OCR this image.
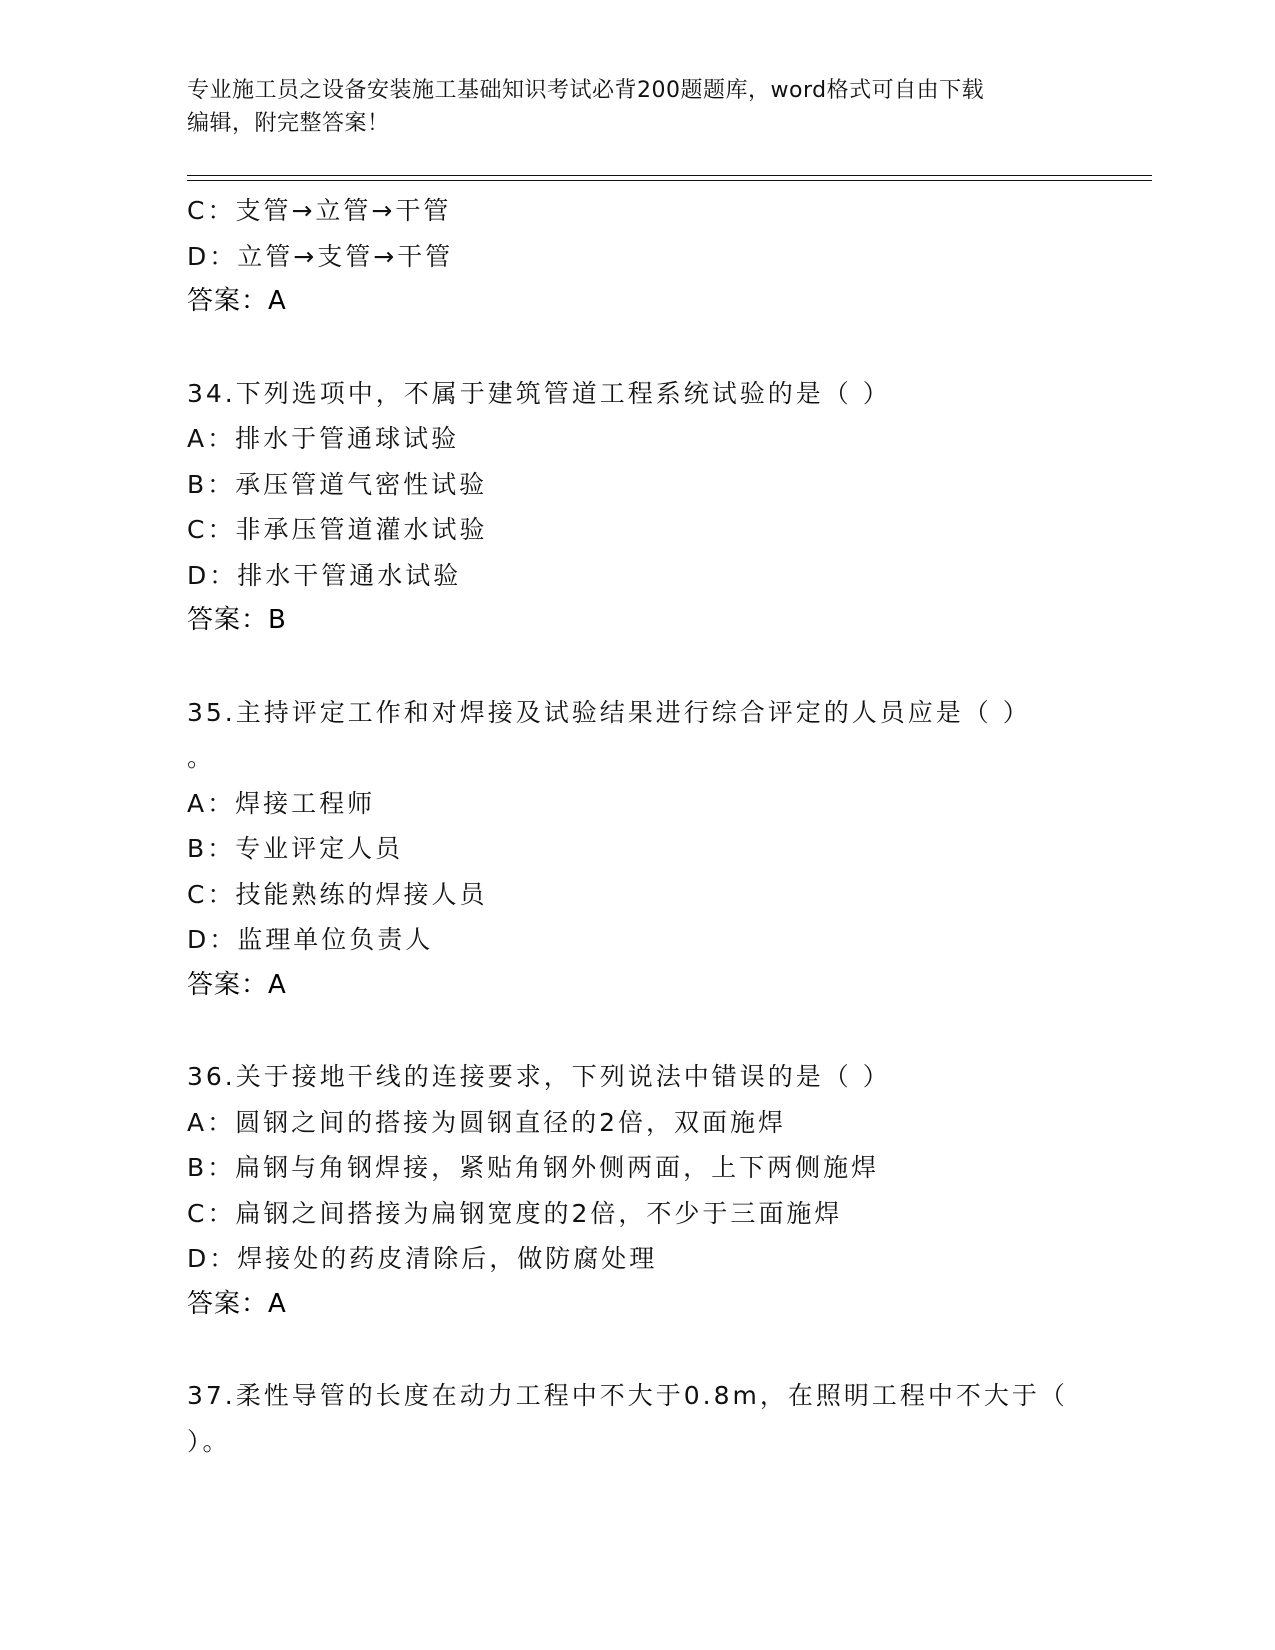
专业施工员之设备安装施工基础知识考试必背200题题库，word格式可自由下载
编辑，附完整答案！
C：支管→立管→干管
D：立管→支管→干管
答案：A
34.下列选项中，不属于建筑管道工程系统试验的是（ ）
A：排水于管通球试验
B：承压管道气密性试验
C：非承压管道灌水试验
D：排水干管通水试验
答案：B
35.主持评定工作和对焊接及试验结果进行综合评定的人员应是（ ）
。
A：焊接工程师
B：专业评定人员
C：技能熟练的焊接人员
D：监理单位负责人
答案：A
36.关于接地干线的连接要求，下列说法中错误的是（ ）
A：圆钢之间的搭接为圆钢直径的2倍，双面施焊
B：扁钢与角钢焊接，紧贴角钢外侧两面，上下两侧施焊
C：扁钢之间搭接为扁钢宽度的2倍，不少于三面施焊
D：焊接处的药皮清除后，做防腐处理
答案：A
37.柔性导管的长度在动力工程中不大于0.8m，在照明工程中不大于（
）。
